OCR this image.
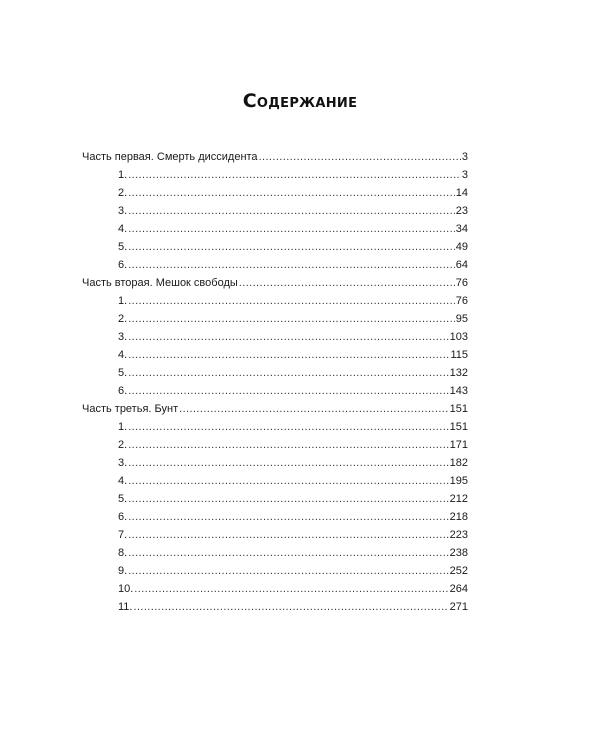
Содержание
Часть первая. Смерть диссидента .....	3
1. .....	3
2. .....	14
3. .....	23
4. .....	34
5. .....	49
6. .....	64
Часть вторая. Мешок свободы .....	76
1. .....	76
2. .....	95
3. .....	103
4. .....	115
5. .....	132
6. .....	143
Часть третья. Бунт .....	151
1. .....	151
2. .....	171
3. .....	182
4. .....	195
5. .....	212
6. .....	218
7. .....	223
8. .....	238
9. .....	252
10. .....	264
11. .....	271
